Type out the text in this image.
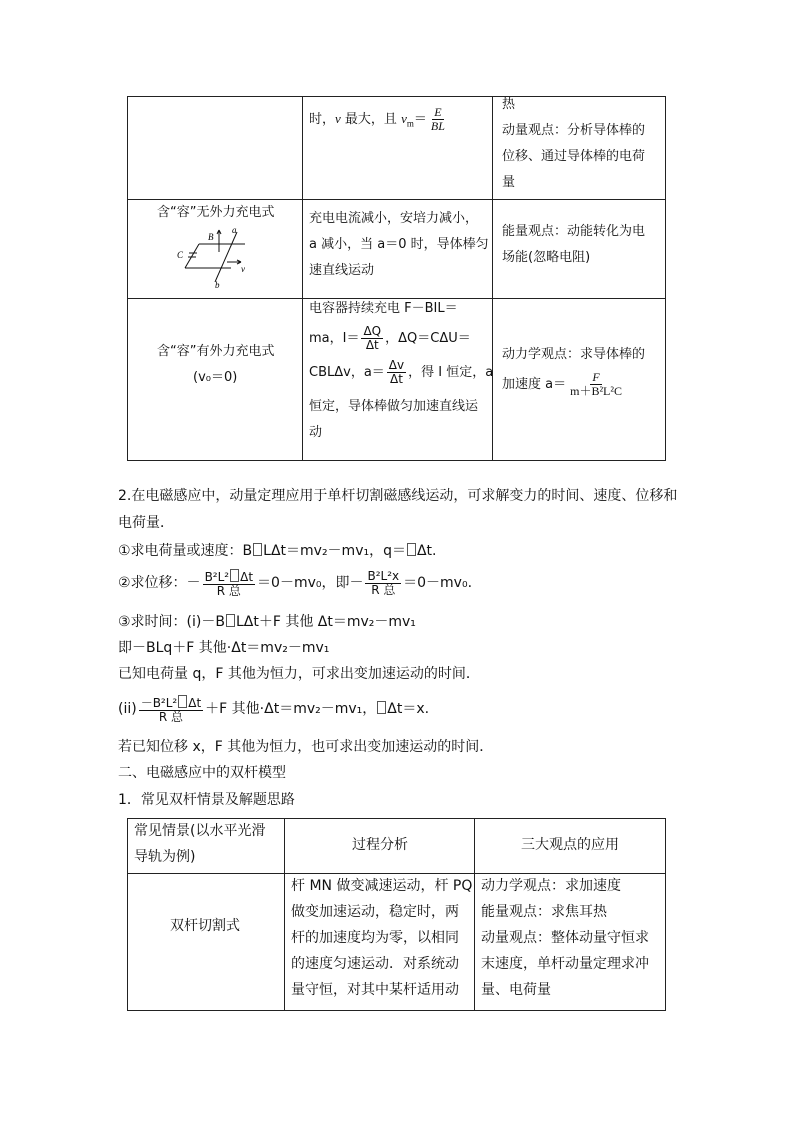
时，v 最大，且 $v_m= \frac{E}{BL}$
热
动量观点：分析导体棒的
位移、通过导体棒的电荷
量
含“容”无外力充电式
B
a
C
v
b
充电电流减小，安培力减小，
a 减小，当 a＝0 时，导体棒匀
速直线运动
能量观点：动能转化为电
场能(忽略电阻)
含“容”有外力充电式
(v₀＝0)
电容器持续充电 F－BIL＝
ma，$I= \frac{\Delta Q}{\Delta t}$ ，ΔQ＝CΔU＝
CBLΔv，$a= \frac{\Delta v}{\Delta t}$ ，得 I 恒定，a
恒定，导体棒做匀加速直线运
动
动力学观点：求导体棒的
加速度 $a= \frac{F}{\text{m＋B²L²C}}$
2.在电磁感应中，动量定理应用于单杆切割磁感线运动，可求解变力的时间、速度、位移和
电荷量．
①求电荷量或速度：B LΔt＝mv₂－mv₁，q＝ Δt.
②求位移：－ $\frac{\text{B²L² Δt}}{\text{R 总}} =0-mv_0$，即－ $\frac{\text{B²L²x}}{\text{R 总}} =0-mv_0$.
③求时间：(i)－B LΔt＋F 其他 Δt＝mv₂－mv₁
即－BLq＋F 其他·Δt＝mv₂－mv₁
已知电荷量 q，F 其他为恒力，可求出变加速运动的时间．
$(ii) \frac{\text{－B²L² Δt}}{\text{R 总}} +F$ 其他·Δt＝mv₂－mv₁， Δt＝x.
若已知位移 x，F 其他为恒力，也可求出变加速运动的时间．
二、电磁感应中的双杆模型
1．常见双杆情景及解题思路
常见情景(以水平光滑
导轨为例)
过程分析	三大观点的应用
双杆切割式
杆 MN 做变减速运动，杆 PQ
做变加速运动，稳定时，两
杆的加速度均为零，以相同
的速度匀速运动．对系统动
量守恒，对其中某杆适用动
动力学观点：求加速度
能量观点：求焦耳热
动量观点：整体动量守恒求
末速度，单杆动量定理求冲
量、电荷量
